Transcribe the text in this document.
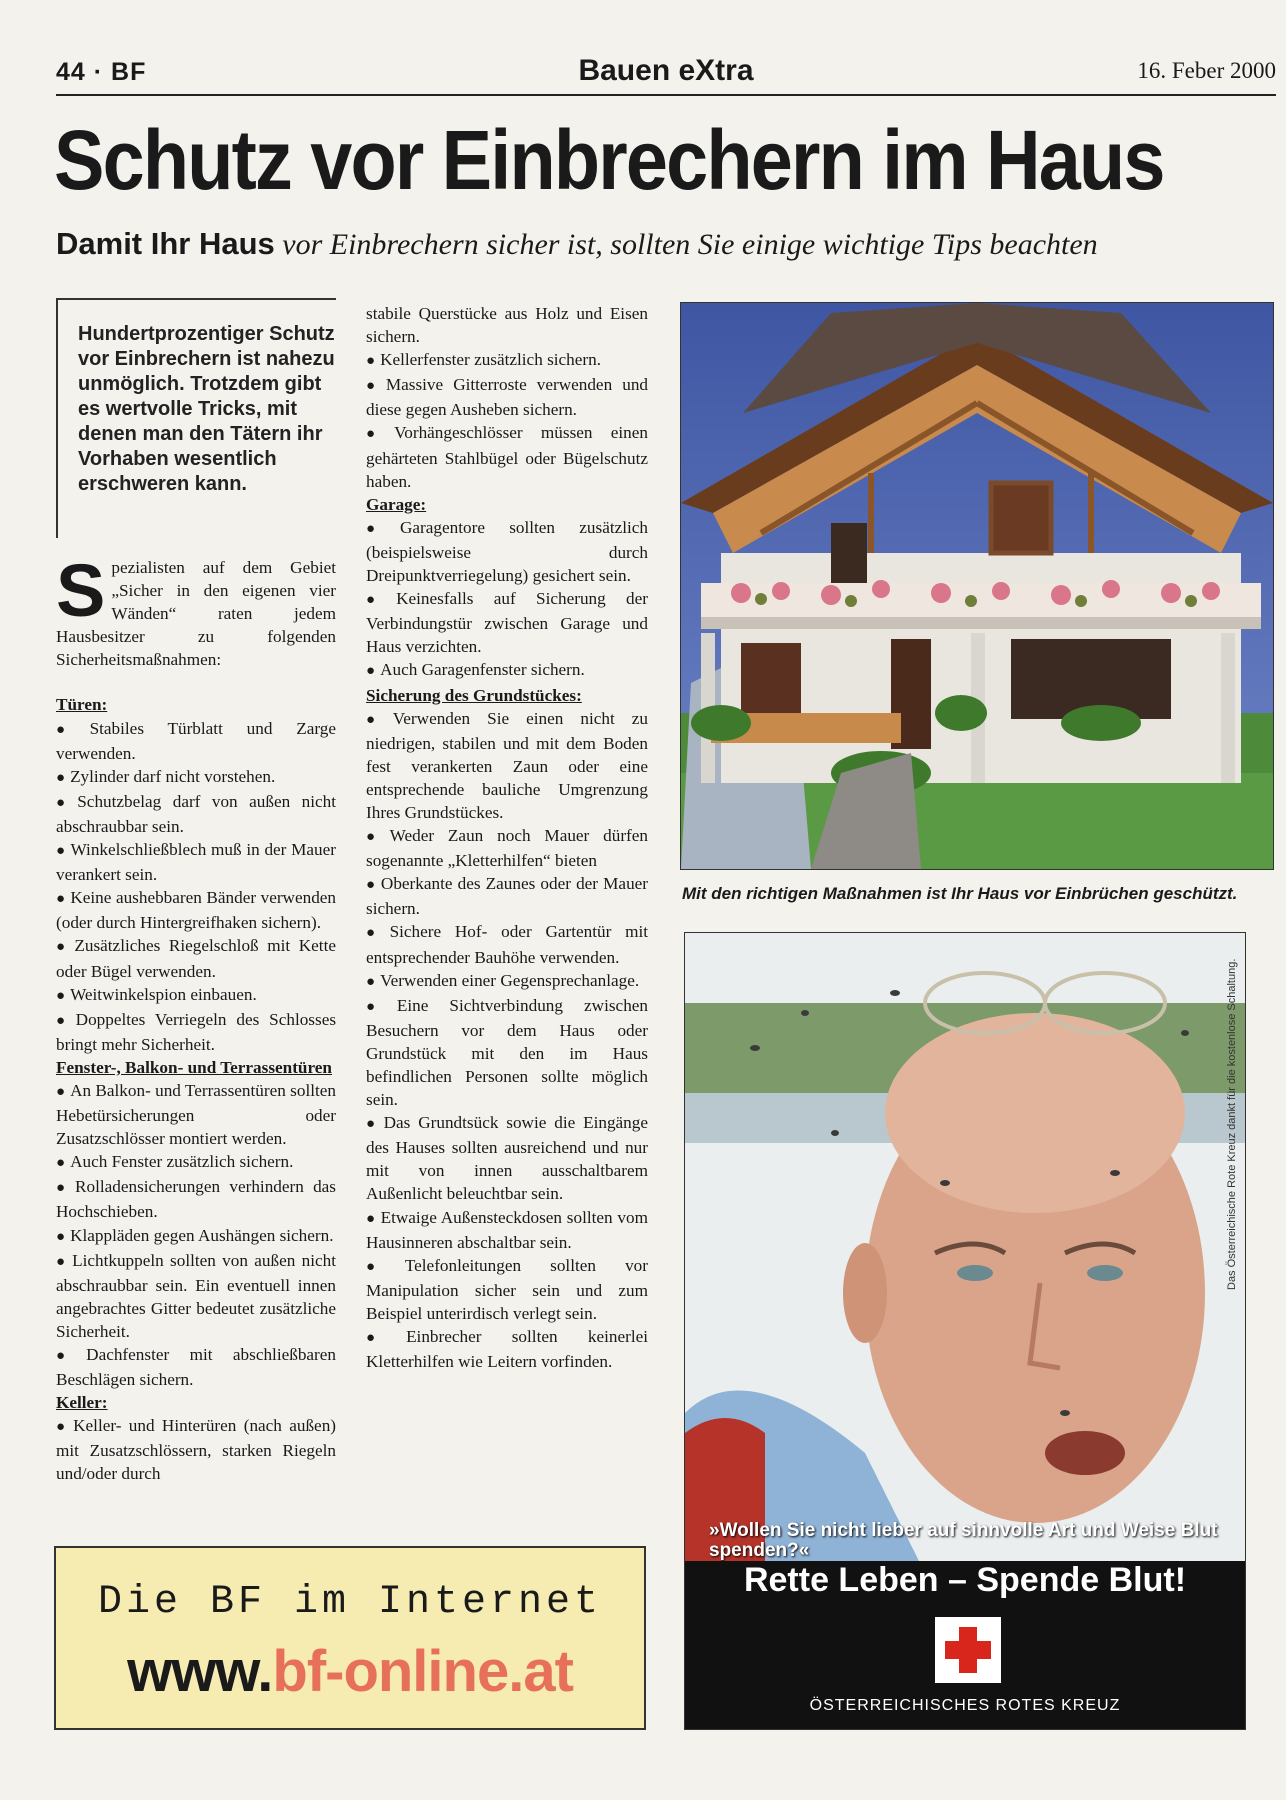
44 · BF	Bauen eXtra	16. Feber 2000
Schutz vor Einbrechern im Haus
Damit Ihr Haus vor Einbrechern sicher ist, sollten Sie einige wichtige Tips beachten

Hundertprozentiger Schutz vor Einbrechern ist nahezu unmöglich. Trotzdem gibt es wertvolle Tricks, mit denen man den Tätern ihr Vorhaben wesentlich erschweren kann.

Spezialisten auf dem Gebiet „Sicher in den eigenen vier Wänden“ raten jedem Hausbesitzer zu folgenden Sicherheitsmaßnahmen:

Türen:

● Stabiles Türblatt und Zarge verwenden.

● Zylinder darf nicht vorstehen.

● Schutzbelag darf von außen nicht abschraubbar sein.

● Winkelschließblech muß in der Mauer verankert sein.

● Keine aushebbaren Bänder verwenden (oder durch Hintergreifhaken sichern).

● Zusätzliches Riegelschloß mit Kette oder Bügel verwenden.

● Weitwinkelspion einbauen.

● Doppeltes Verriegeln des Schlosses bringt mehr Sicherheit.

Fenster-, Balkon- und Terrassentüren

● An Balkon- und Terrassentüren sollten Hebetürsicherungen oder Zusatzschlösser montiert werden.

● Auch Fenster zusätzlich sichern.

● Rolladensicherungen verhindern das Hochschieben.

● Klappläden gegen Aushängen sichern.

● Lichtkuppeln sollten von außen nicht abschraubbar sein. Ein eventuell innen angebrachtes Gitter bedeutet zusätzliche Sicherheit.

● Dachfenster mit abschließbaren Beschlägen sichern.

Keller:

● Keller- und Hinterüren (nach außen) mit Zusatzschlössern, starken Riegeln und/oder durch

stabile Querstücke aus Holz und Eisen sichern.

● Kellerfenster zusätzlich sichern.

● Massive Gitterroste verwenden und diese gegen Ausheben sichern.

● Vorhängeschlösser müssen einen gehärteten Stahlbügel oder Bügelschutz haben.

Garage:

● Garagentore sollten zusätzlich (beispielsweise durch Dreipunktverriegelung) gesichert sein.

● Keinesfalls auf Sicherung der Verbindungstür zwischen Garage und Haus verzichten.

● Auch Garagenfenster sichern.

Sicherung des Grundstückes:

● Verwenden Sie einen nicht zu niedrigen, stabilen und mit dem Boden fest verankerten Zaun oder eine entsprechende bauliche Umgrenzung Ihres Grundstückes.

● Weder Zaun noch Mauer dürfen sogenannte „Kletterhilfen“ bieten

● Oberkante des Zaunes oder der Mauer sichern.

● Sichere Hof- oder Gartentür mit entsprechender Bauhöhe verwenden.

● Verwenden einer Gegensprechanlage.

● Eine Sichtverbindung zwischen Besuchern vor dem Haus oder Grundstück mit den im Haus befindlichen Personen sollte möglich sein.

● Das Grundtsück sowie die Eingänge des Hauses sollten ausreichend und nur mit von innen ausschaltbarem Außenlicht beleuchtbar sein.

● Etwaige Außensteckdosen sollten vom Hausinneren abschaltbar sein.

● Telefonleitungen sollten vor Manipulation sicher sein und zum Beispiel unterirdisch verlegt sein.

● Einbrecher sollten keinerlei Kletterhilfen wie Leitern vorfinden.

Mit den richtigen Maßnahmen ist Ihr Haus vor Einbrüchen geschützt.
»Wollen Sie nicht lieber auf sinnvolle Art und Weise Blut spenden?«
Rette Leben – Spende Blut!
ÖSTERREICHISCHES ROTES KREUZ
Das Österreichische Rote Kreuz dankt für die kostenlose Schaltung.
Die BF im Internet
www.bf-online.at
